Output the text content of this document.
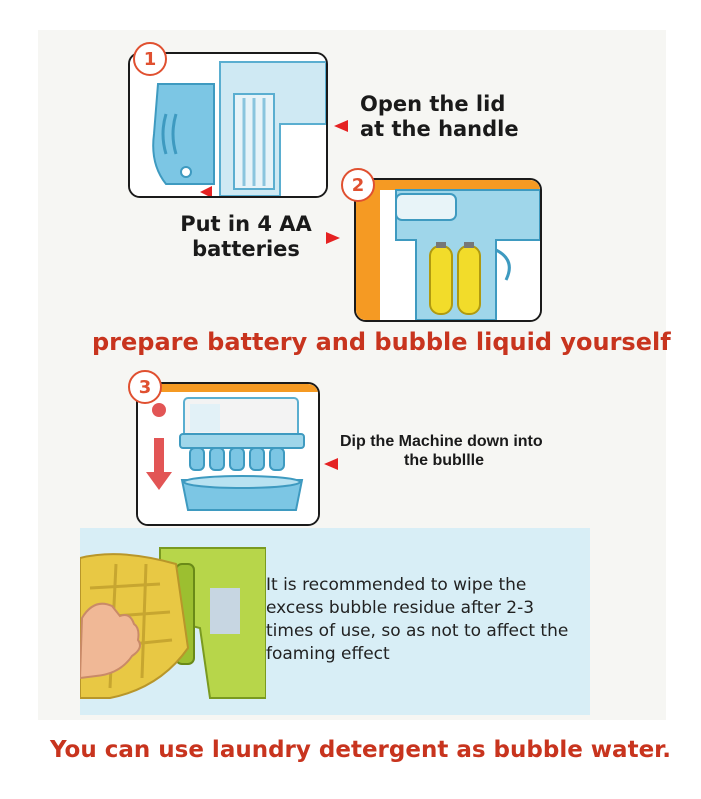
1
Open the lid
at the handle
2
Put in 4 AA
batteries
prepare battery and bubble liquid yourself
3
Dip the Machine down into
the bubllle
It is recommended to wipe the excess bubble residue after 2-3 times of use, so as not to affect the foaming effect
You can use laundry detergent as bubble water.
